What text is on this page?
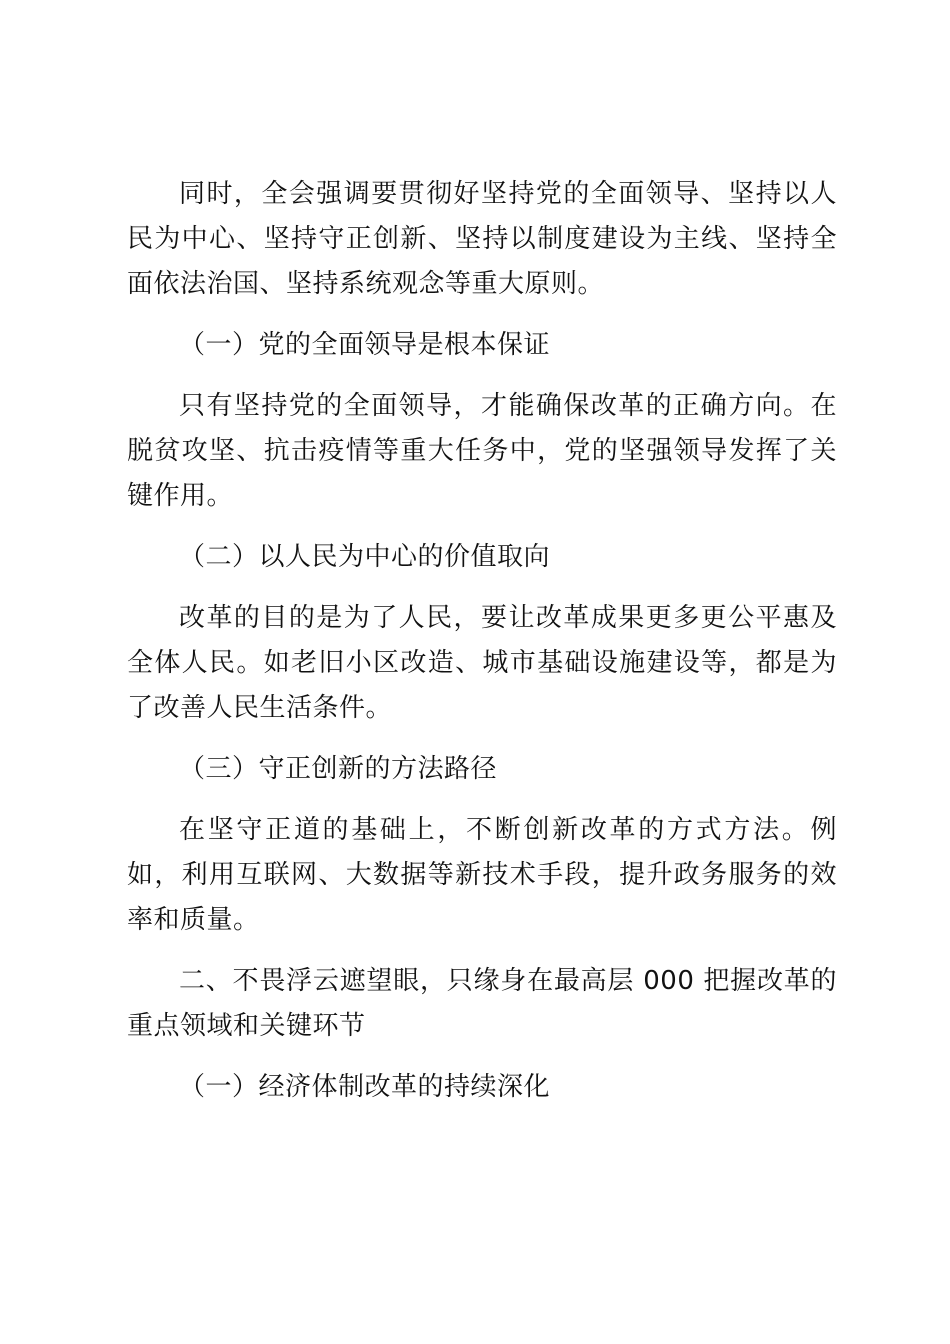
同时，全会强调要贯彻好坚持党的全面领导、坚持以人民为中心、坚持守正创新、坚持以制度建设为主线、坚持全面依法治国、坚持系统观念等重大原则。

（一）党的全面领导是根本保证

只有坚持党的全面领导，才能确保改革的正确方向。在脱贫攻坚、抗击疫情等重大任务中，党的坚强领导发挥了关键作用。

（二）以人民为中心的价值取向

改革的目的是为了人民，要让改革成果更多更公平惠及全体人民。如老旧小区改造、城市基础设施建设等，都是为了改善人民生活条件。

（三）守正创新的方法路径

在坚守正道的基础上，不断创新改革的方式方法。例如，利用互联网、大数据等新技术手段，提升政务服务的效率和质量。

二、不畏浮云遮望眼，只缘身在最高层 000 把握改革的重点领域和关键环节

（一）经济体制改革的持续深化
